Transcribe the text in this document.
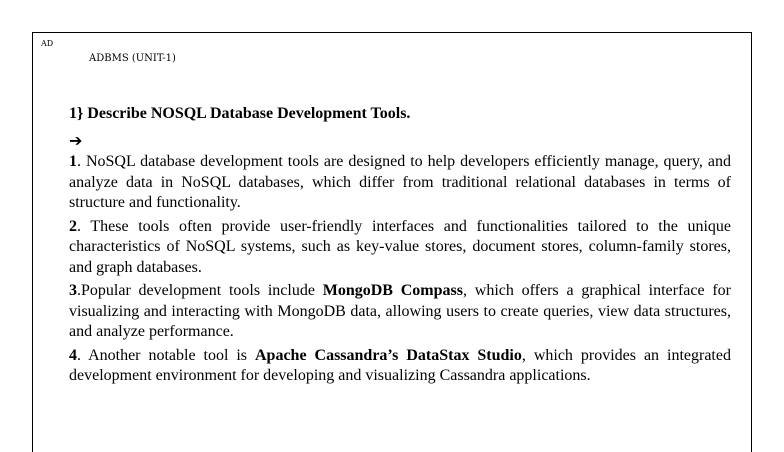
AD
ADBMS (UNIT-1)
1} Describe NOSQL Database Development Tools.
➔

1. NoSQL database development tools are designed to help developers efficiently manage, query, and analyze data in NoSQL databases, which differ from traditional relational databases in terms of structure and functionality.

2. These tools often provide user-friendly interfaces and functionalities tailored to the unique characteristics of NoSQL systems, such as key-value stores, document stores, column-family stores, and graph databases.

3.Popular development tools include MongoDB Compass, which offers a graphical interface for visualizing and interacting with MongoDB data, allowing users to create queries, view data structures, and analyze performance.

4. Another notable tool is Apache Cassandra’s DataStax Studio, which provides an integrated development environment for developing and visualizing Cassandra applications.
